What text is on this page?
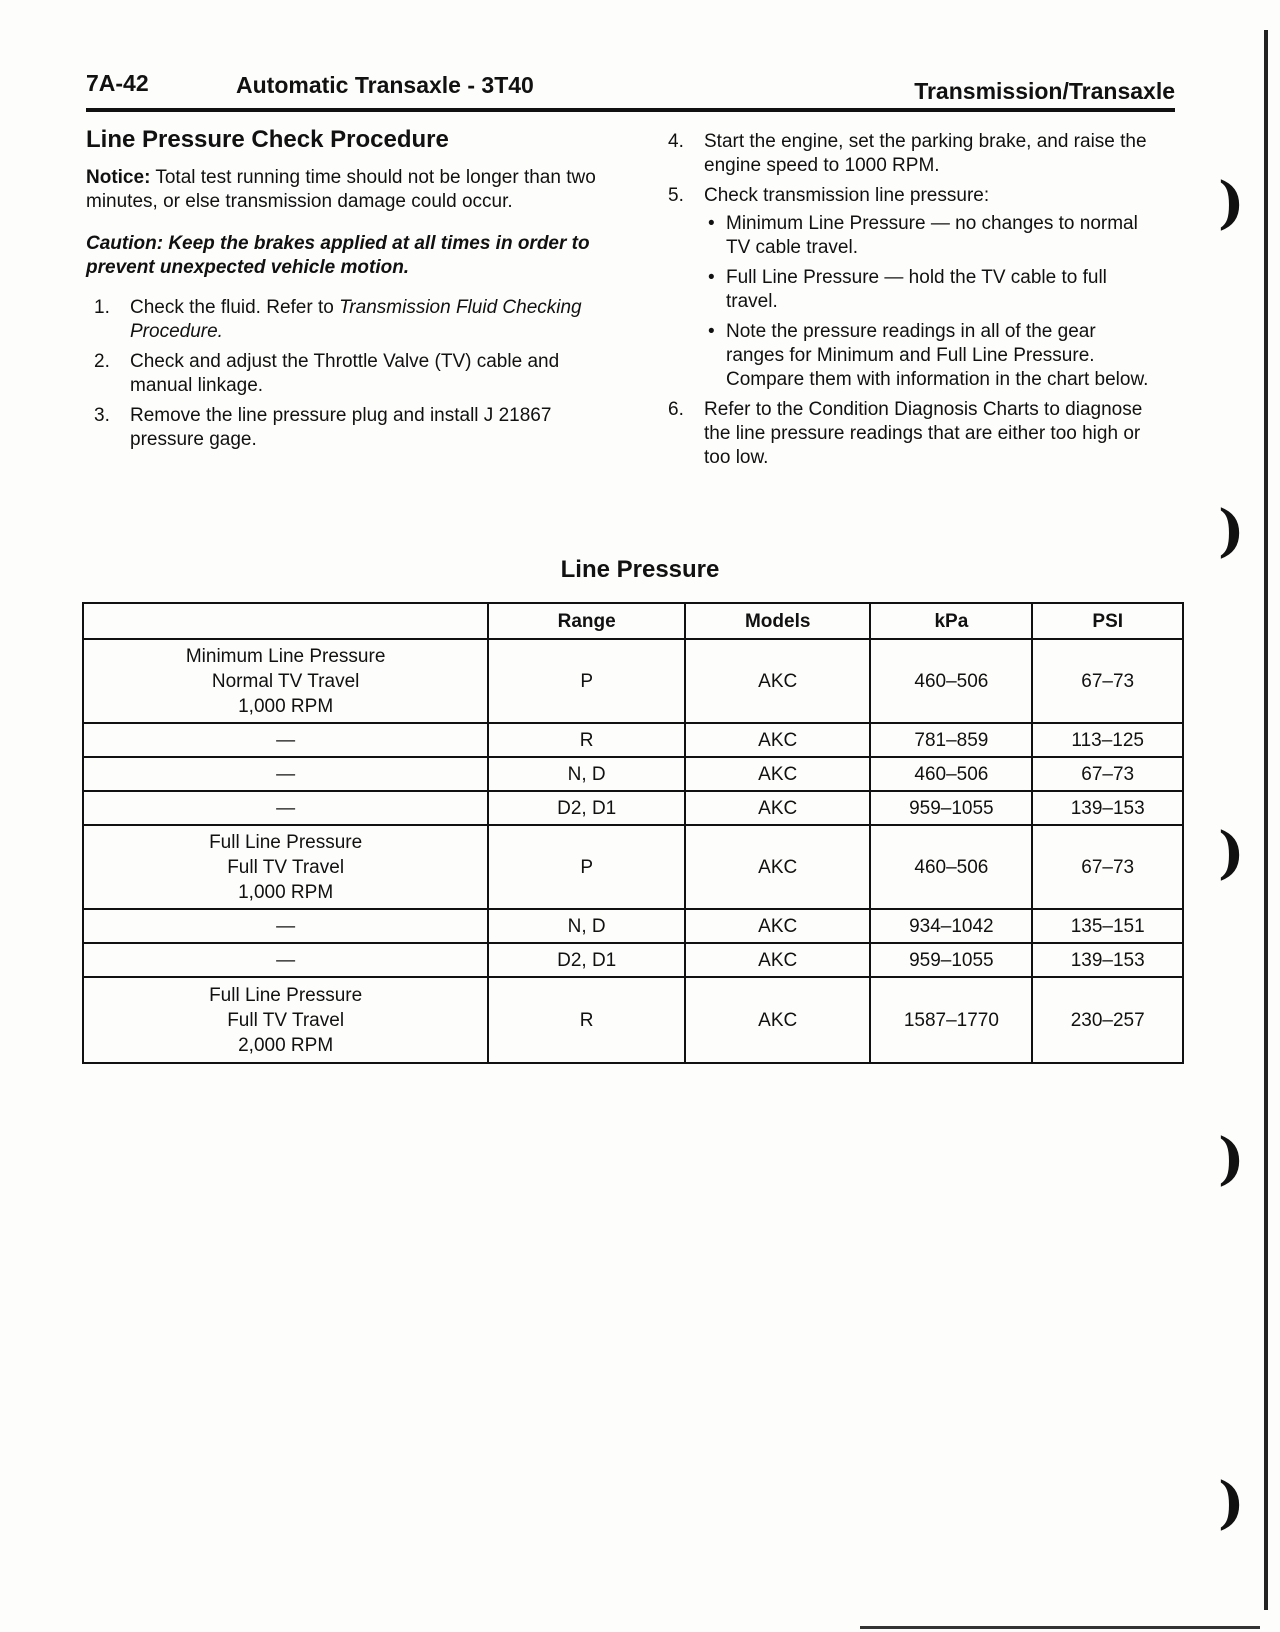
7A-42	Automatic Transaxle - 3T40	Transmission/Transaxle
Line Pressure Check Procedure
Notice: Total test running time should not be longer than two minutes, or else transmission damage could occur.
Caution: Keep the brakes applied at all times in order to prevent unexpected vehicle motion.
1. Check the fluid. Refer to Transmission Fluid Checking Procedure.
2. Check and adjust the Throttle Valve (TV) cable and manual linkage.
3. Remove the line pressure plug and install J 21867 pressure gage.
4. Start the engine, set the parking brake, and raise the engine speed to 1000 RPM.
5. Check transmission line pressure:
• Minimum Line Pressure — no changes to normal TV cable travel.
• Full Line Pressure — hold the TV cable to full travel.
• Note the pressure readings in all of the gear ranges for Minimum and Full Line Pressure. Compare them with information in the chart below.
6. Refer to the Condition Diagnosis Charts to diagnose the line pressure readings that are either too high or too low.
Line Pressure
	Range	Models	kPa	PSI

Minimum Line Pressure
Normal TV Travel
1,000 RPM	P	AKC	460–506	67–73

—	R	AKC	781–859	113–125

—	N, D	AKC	460–506	67–73

—	D2, D1	AKC	959–1055	139–153

Full Line Pressure
Full TV Travel
1,000 RPM	P	AKC	460–506	67–73

—	N, D	AKC	934–1042	135–151

—	D2, D1	AKC	959–1055	139–153

Full Line Pressure
Full TV Travel
2,000 RPM	R	AKC	1587–1770	230–257
)
)
)
)
)
